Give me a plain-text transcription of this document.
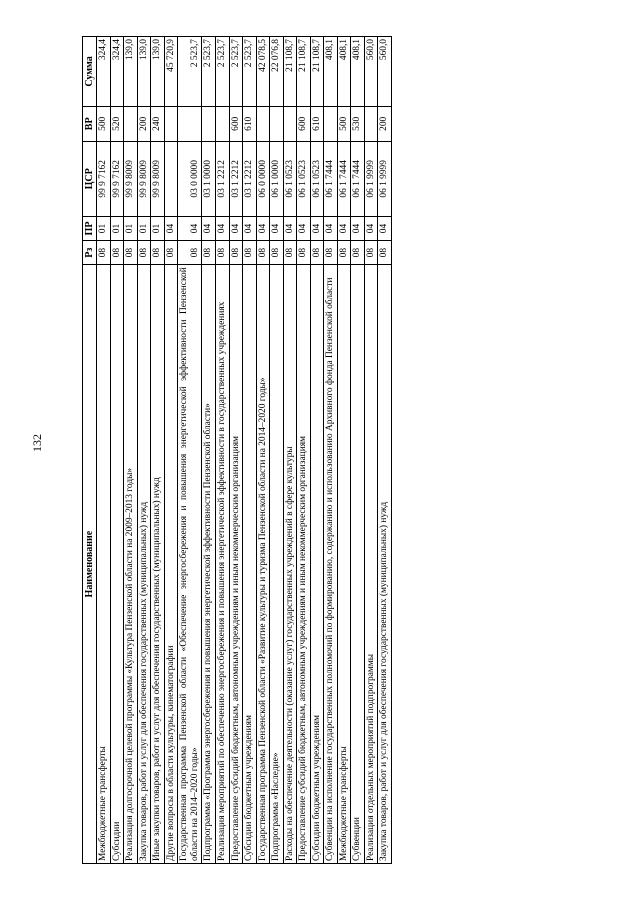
132
Наименование	Рз	ПР	ЦСР	ВР	Сумма
Межбюджетные трансферты	08	01	99 9 7162	500	324,4
Субсидии	08	01	99 9 7162	520	324,4
Реализация долгосрочной целевой программы «Культура Пензенской области на 2009–2013 годы»	08	01	99 9 8009		139,0
Закупка товаров, работ и услуг для обеспечения государственных (муниципальных) нужд	08	01	99 9 8009	200	139,0
Иные закупки товаров, работ и услуг для обеспечения государственных (муниципальных) нужд	08	01	99 9 8009	240	139,0
Другие вопросы в области культуры, кинематографии	08	04			45 720,9
Государственная программа Пензенской области «Обеспечение энергосбережения и повышения энергетической эффективности Пензенской области на 2014–2020 годы»	08	04	03 0 0000		2 523,7
Подпрограмма «Программа энергосбережения и повышения энергетической эффективности Пензенской области»	08	04	03 1 0000		2 523,7
Реализация мероприятий по обеспечению энергосбережения и повышения энергетической эффективности в государственных учреждениях	08	04	03 1 2212		2 523,7
Предоставление субсидий бюджетным, автономным учреждениям и иным некоммерческим организациям	08	04	03 1 2212	600	2 523,7
Субсидии бюджетным учреждениям	08	04	03 1 2212	610	2 523,7
Государственная программа Пензенской области «Развитие культуры и туризма Пензенской области на 2014–2020 годы»	08	04	06 0 0000		42 078,5
Подпрограмма «Наследие»	08	04	06 1 0000		22 076,8
Расходы на обеспечение деятельности (оказание услуг) государственных учреждений в сфере культуры	08	04	06 1 0523		21 108,7
Предоставление субсидий бюджетным, автономным учреждениям и иным некоммерческим организациям	08	04	06 1 0523	600	21 108,7
Субсидии бюджетным учреждениям	08	04	06 1 0523	610	21 108,7
Субвенции на исполнение государственных полномочий по формированию, содержанию и использованию Архивного фонда Пензенской области	08	04	06 1 7444		408,1
Межбюджетные трансферты	08	04	06 1 7444	500	408,1
Субвенции	08	04	06 1 7444	530	408,1
Реализация отдельных мероприятий подпрограммы	08	04	06 1 9999		560,0
Закупка товаров, работ и услуг для обеспечения государственных (муниципальных) нужд	08	04	06 1 9999	200	560,0
